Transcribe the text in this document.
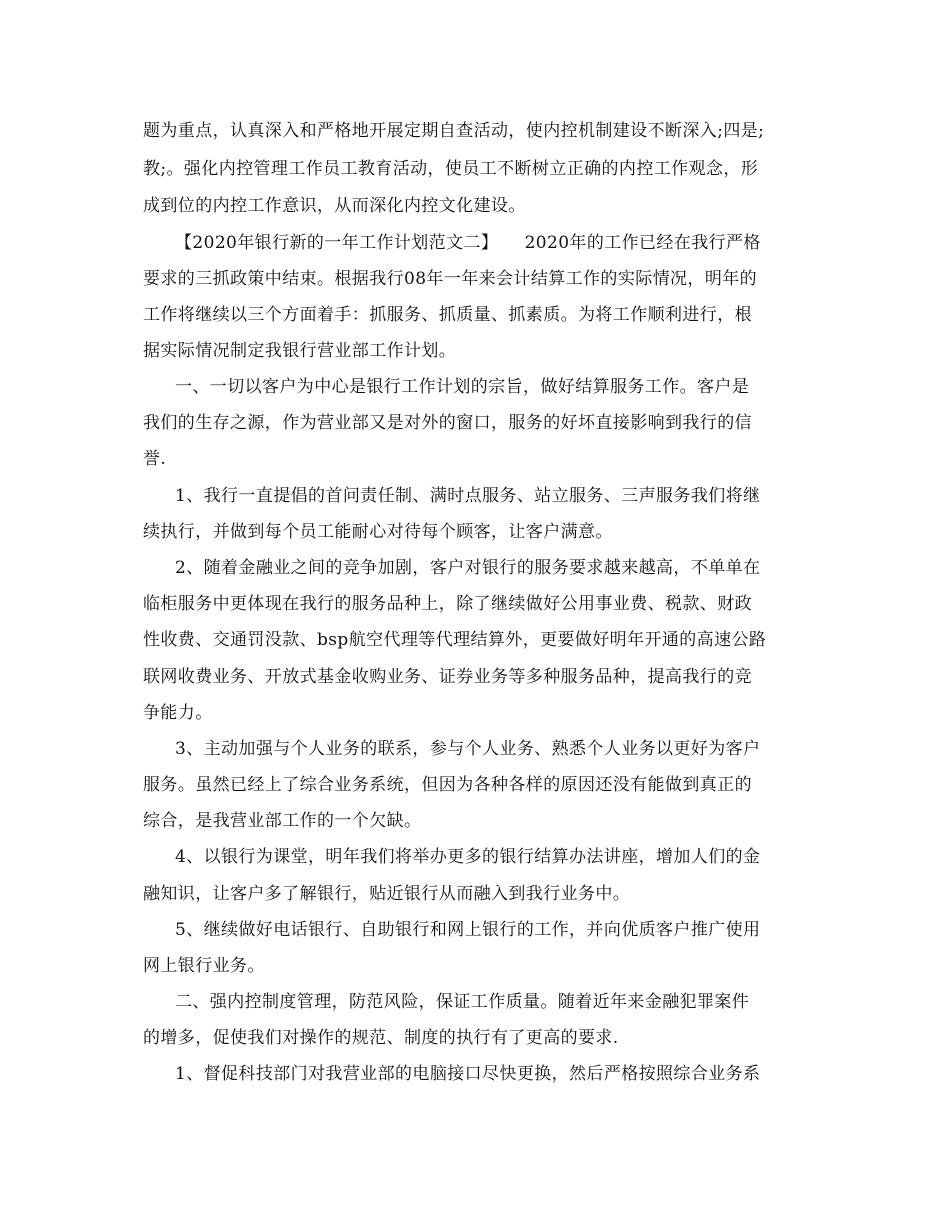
题为重点，认真深入和严格地开展定期自查活动，使内控机制建设不断深入;四是;
教;。强化内控管理工作员工教育活动，使员工不断树立正确的内控工作观念，形
成到位的内控工作意识，从而深化内控文化建设。
【2020年银行新的一年工作计划范文二】　　2020年的工作已经在我行严格
要求的三抓政策中结束。根据我行08年一年来会计结算工作的实际情况，明年的
工作将继续以三个方面着手：抓服务、抓质量、抓素质。为将工作顺利进行，根
据实际情况制定我银行营业部工作计划。
一、一切以客户为中心是银行工作计划的宗旨，做好结算服务工作。客户是
我们的生存之源，作为营业部又是对外的窗口，服务的好坏直接影响到我行的信
誉.
1、我行一直提倡的首问责任制、满时点服务、站立服务、三声服务我们将继
续执行，并做到每个员工能耐心对待每个顾客，让客户满意。
2、随着金融业之间的竞争加剧，客户对银行的服务要求越来越高，不单单在
临柜服务中更体现在我行的服务品种上，除了继续做好公用事业费、税款、财政
性收费、交通罚没款、bsp航空代理等代理结算外，更要做好明年开通的高速公路
联网收费业务、开放式基金收购业务、证券业务等多种服务品种，提高我行的竞
争能力。
3、主动加强与个人业务的联系，参与个人业务、熟悉个人业务以更好为客户
服务。虽然已经上了综合业务系统，但因为各种各样的原因还没有能做到真正的
综合，是我营业部工作的一个欠缺。
4、以银行为课堂，明年我们将举办更多的银行结算办法讲座，增加人们的金
融知识，让客户多了解银行，贴近银行从而融入到我行业务中。
5、继续做好电话银行、自助银行和网上银行的工作，并向优质客户推广使用
网上银行业务。
二、强内控制度管理，防范风险，保证工作质量。随着近年来金融犯罪案件
的增多，促使我们对操作的规范、制度的执行有了更高的要求.
1、督促科技部门对我营业部的电脑接口尽快更换，然后严格按照综合业务系
